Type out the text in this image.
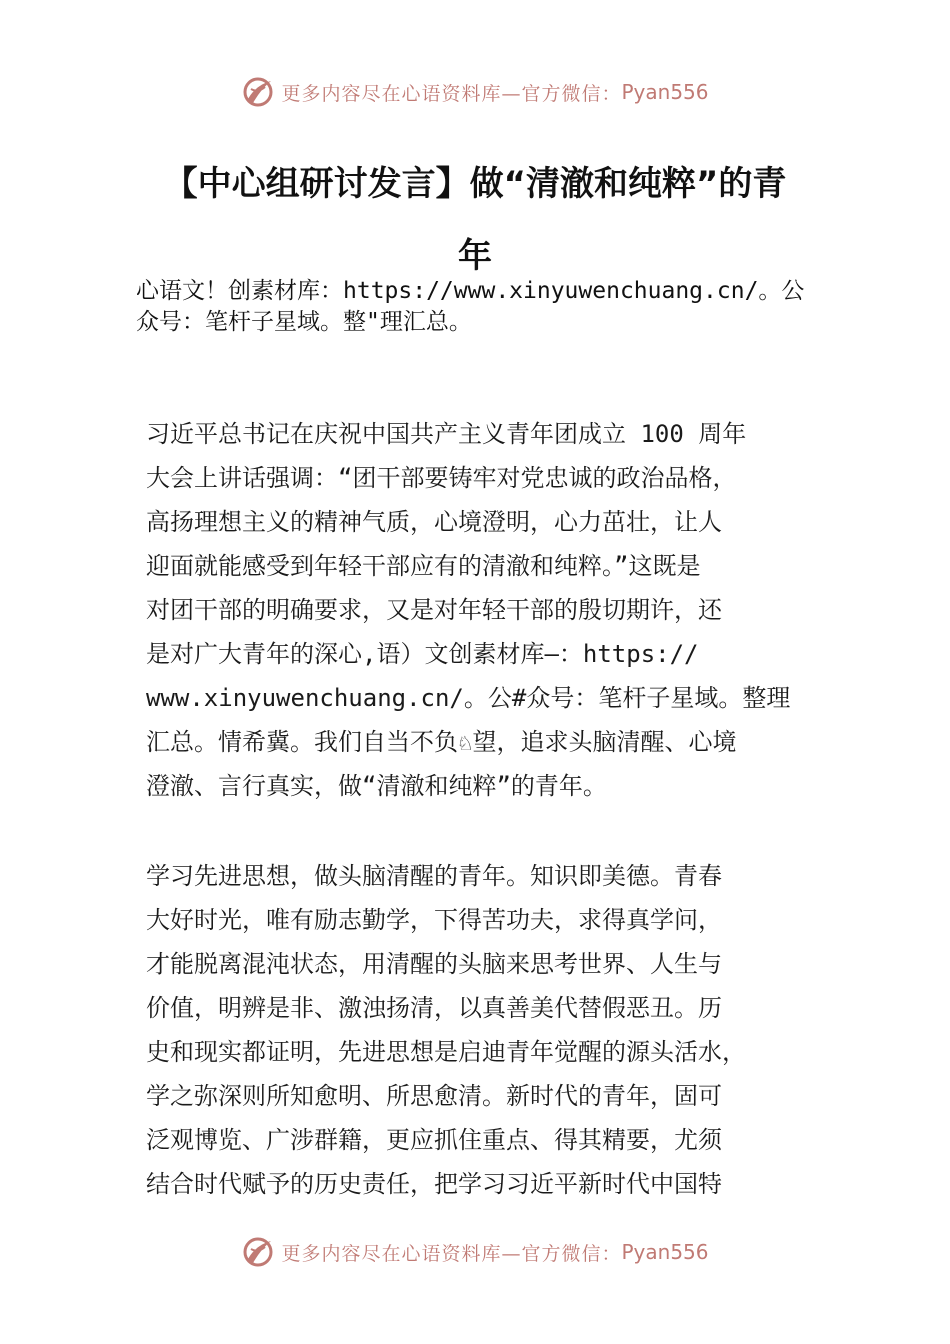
更多内容尽在心语资料库—官方微信： Pyan556
【中心组研讨发言】做“清澈和纯粹”的青
年
心语文！创素材库：https://www.xinyuwenchuang.cn/。公
众号：笔杆子星域。整"理汇总。
习近平总书记在庆祝中国共产主义青年团成立 100 周年
大会上讲话强调：“团干部要铸牢对党忠诚的政治品格，
高扬理想主义的精神气质，心境澄明，心力茁壮，让人
迎面就能感受到年轻干部应有的清澈和纯粹。”这既是
对团干部的明确要求，又是对年轻干部的殷切期许，还
是对广大青年的深心,语）文创素材库—：https://
www.xinyuwenchuang.cn/。公#众号：笔杆子星域。整理
汇总。情希冀。我们自当不负♘望，追求头脑清醒、心境
澄澈、言行真实，做“清澈和纯粹”的青年。
学习先进思想，做头脑清醒的青年。知识即美德。青春
大好时光，唯有励志勤学，下得苦功夫，求得真学问，
才能脱离混沌状态，用清醒的头脑来思考世界、人生与
价值，明辨是非、激浊扬清，以真善美代替假恶丑。历
史和现实都证明，先进思想是启迪青年觉醒的源头活水，
学之弥深则所知愈明、所思愈清。新时代的青年，固可
泛观博览、广涉群籍，更应抓住重点、得其精要，尤须
结合时代赋予的历史责任，把学习习近平新时代中国特
更多内容尽在心语资料库—官方微信： Pyan556
